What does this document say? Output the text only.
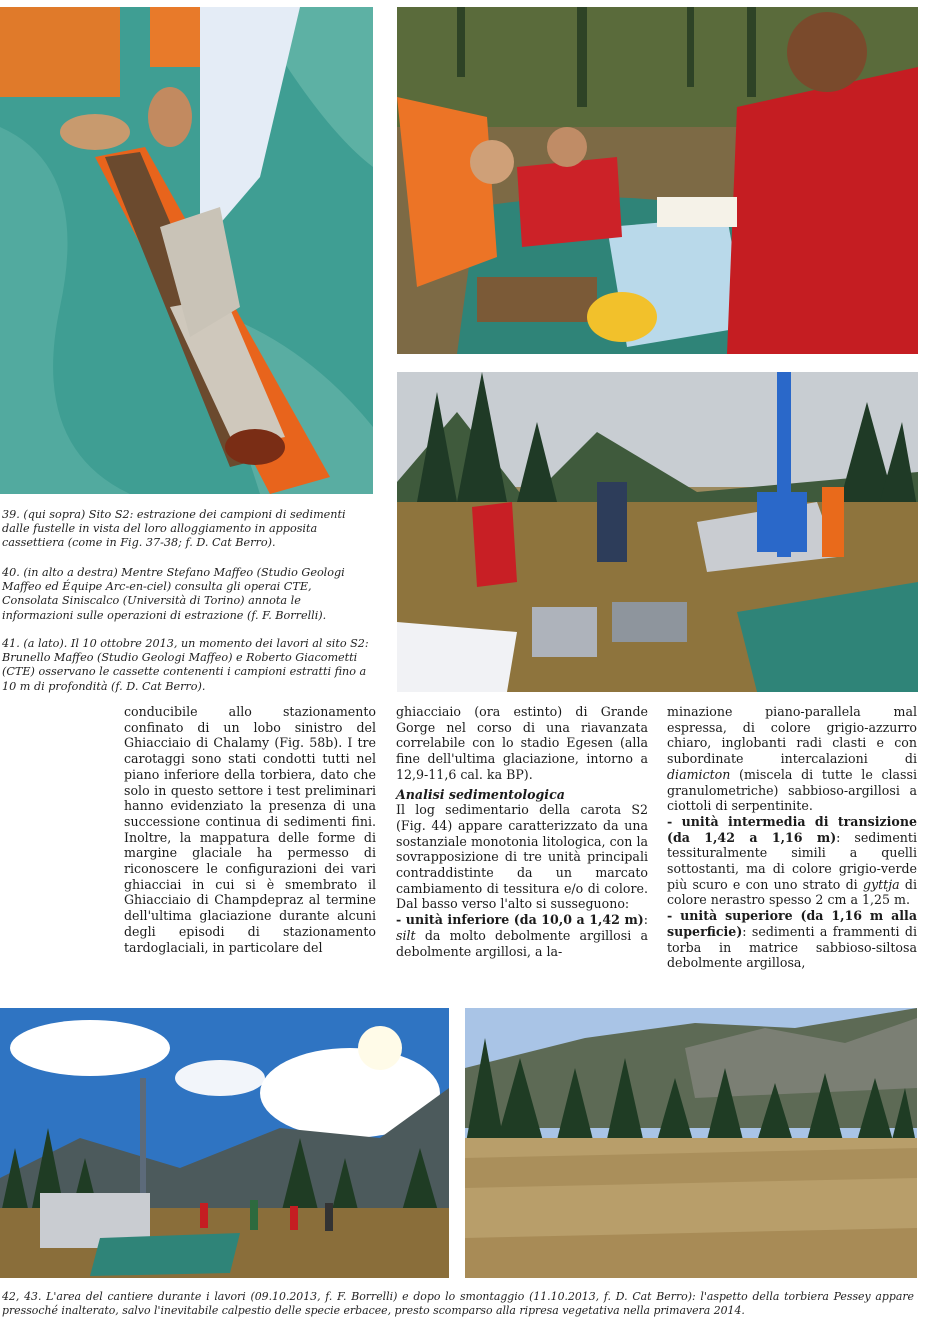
conducibile allo stazionamento confinato di un lobo sinistro del Ghiacciaio di Chalamy (Fig. 58b). I tre carotaggi sono stati condotti tutti nel piano inferiore della torbiera, dato che solo in questo settore i test preliminari hanno evidenziato la presenza di una successione continua di sedimenti fini. Inoltre, la mappatura delle forme di margine glaciale ha permesso di riconoscere le configurazioni dei vari ghiacciai in cui si è smembrato il Ghiacciaio di Champdepraz al termine dell'ultima glaciazione durante alcuni degli episodi di stazionamento tardoglaciali, in particolare del

ghiacciaio (ora estinto) di Grande Gorge nel corso di una riavanzata correlabile con lo stadio Egesen (alla fine dell'ultima glaciazione, intorno a 12,9-11,6 cal. ka BP).

Analisi sedimentologica

Il log sedimentario della carota S2 (Fig. 44) appare caratterizzato da una sostanziale monotonia litologica, con la sovrapposizione di tre unità principali contraddistinte da un marcato cambiamento di tessitura e/o di colore. Dal basso verso l'alto si susseguono:
- unità inferiore (da 10,0 a 1,42 m): silt da molto debolmente argillosi a debolmente argillosi, a la-

minazione piano-parallela mal espressa, di colore grigio-azzurro chiaro, inglobanti radi clasti e con subordinate intercalazioni di diamicton (miscela di tutte le classi granulometriche) sabbioso-argillosi a ciottoli di serpentinite.
- unità intermedia di transizione (da 1,42 a 1,16 m): sedimenti tessituralmente simili a quelli sottostanti, ma di colore grigio-verde più scuro e con uno strato di gyttja di colore nerastro spesso 2 cm a 1,25 m.
- unità superiore (da 1,16 m alla superficie): sedimenti a frammenti di torba in matrice sabbioso-siltosa debolmente argillosa,

39. (qui sopra) Sito S2: estrazione dei campioni di sedimenti dalle fustelle in vista del loro alloggiamento in apposita cassettiera (come in Fig. 37-38; f. D. Cat Berro).

40. (in alto a destra) Mentre Stefano Maffeo (Studio Geologi Maffeo ed Équipe Arc-en-ciel) consulta gli operai CTE, Consolata Siniscalco (Università di Torino) annota le informazioni sulle operazioni di estrazione (f. F. Borrelli).

41. (a lato). Il 10 ottobre 2013, un momento dei lavori al sito S2: Brunello Maffeo (Studio Geologi Maffeo) e Roberto Giacometti (CTE) osservano le cassette contenenti i campioni estratti fino a 10 m di profondità (f. D. Cat Berro).

42, 43. L'area del cantiere durante i lavori (09.10.2013, f. F. Borrelli) e dopo lo smontaggio (11.10.2013, f. D. Cat Berro): l'aspetto della torbiera Pessey appare pressoché inalterato, salvo l'inevitabile calpestio delle specie erbacee, presto scomparso alla ripresa vegetativa nella primavera 2014.
